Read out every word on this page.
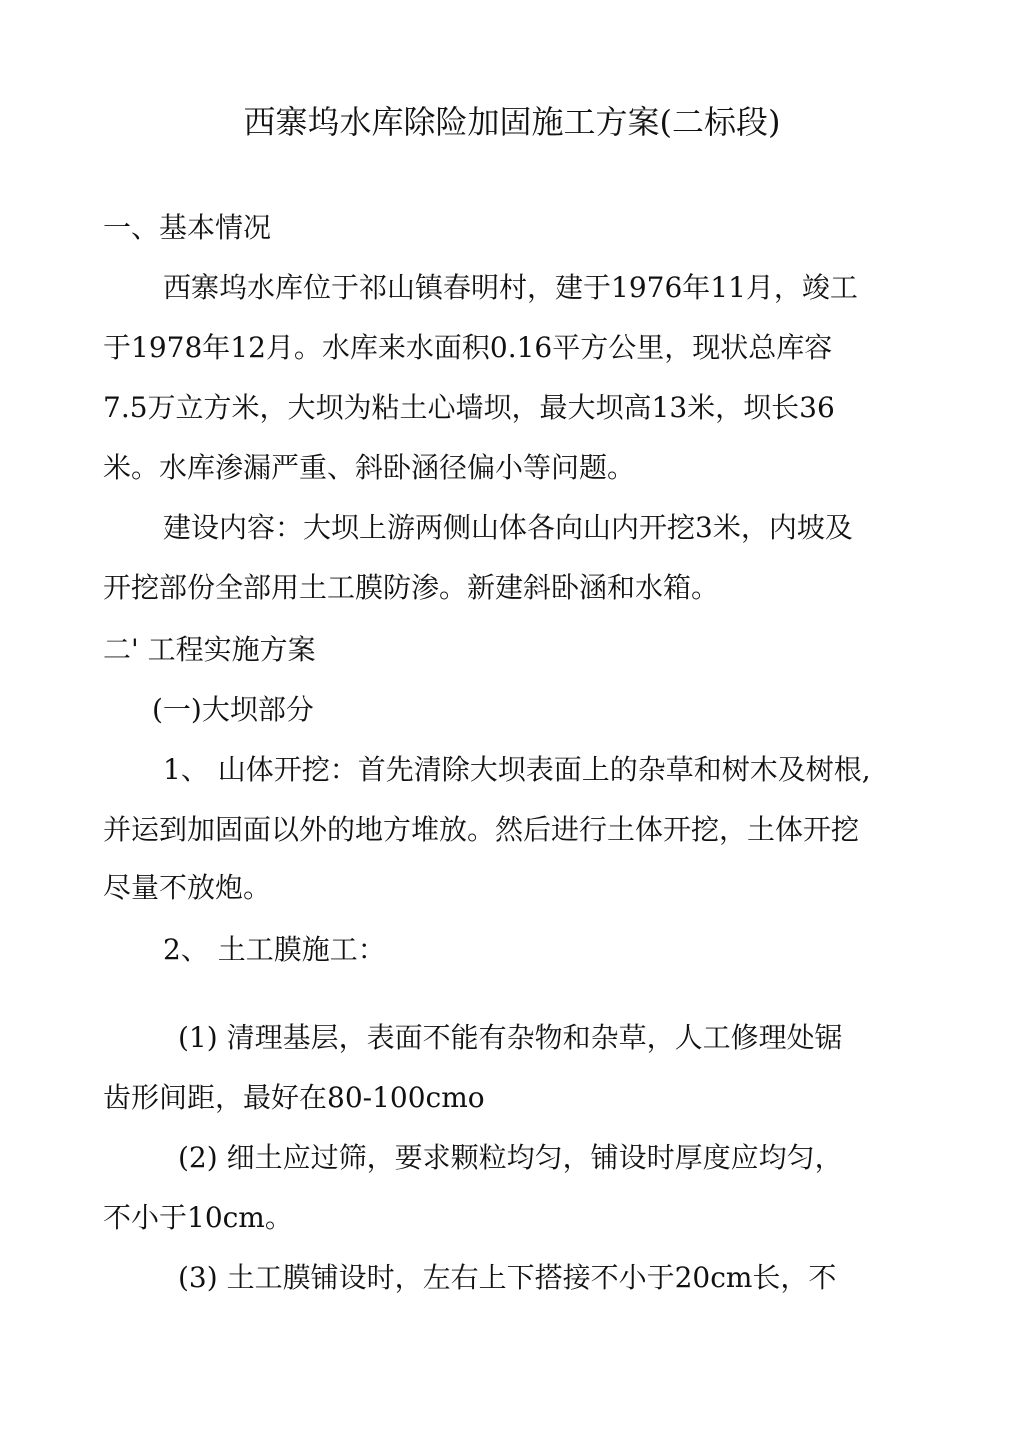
西寨坞水库除险加固施工方案(二标段)
一、基本情况
西寨坞水库位于祁山镇春明村，建于1976年11月，竣工
于1978年12月。水库来水面积0.16平方公里，现状总库容
7.5万立方米，大坝为粘土心墙坝，最大坝高13米，坝长36
米。水库渗漏严重、斜卧涵径偏小等问题。
建设内容：大坝上游两侧山体各向山内开挖3米，内坡及
开挖部份全部用土工膜防渗。新建斜卧涵和水箱。
二' 工程实施方案
(一)大坝部分
1、 山体开挖：首先清除大坝表面上的杂草和树木及树根,
并运到加固面以外的地方堆放。然后进行土体开挖，土体开挖
尽量不放炮。
2、 土工膜施工：
(1) 清理基层，表面不能有杂物和杂草，人工修理处锯
齿形间距，最好在80-100cmo
(2) 细土应过筛，要求颗粒均匀，铺设时厚度应均匀，
不小于10cm。
(3) 土工膜铺设时，左右上下搭接不小于20cm长，不
